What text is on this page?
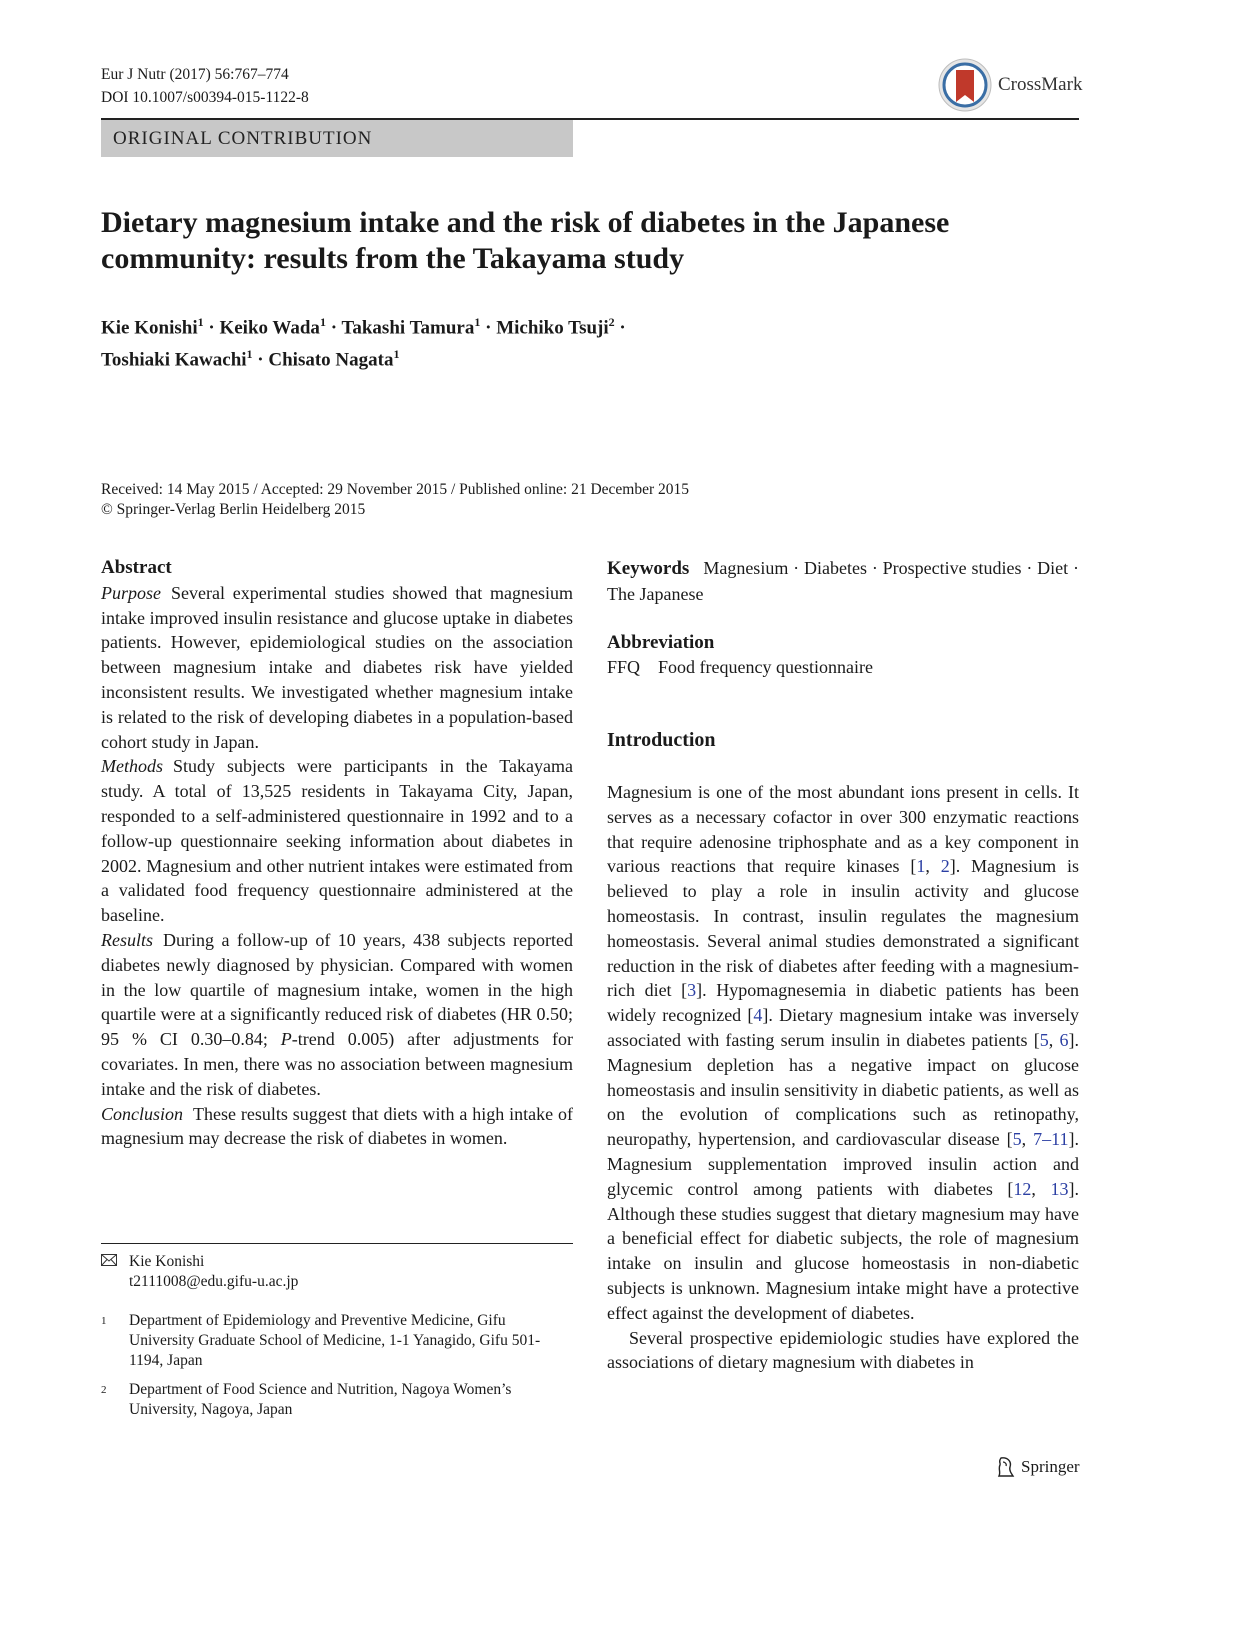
Eur J Nutr (2017) 56:767–774
DOI 10.1007/s00394-015-1122-8
CrossMark
ORIGINAL CONTRIBUTION
Dietary magnesium intake and the risk of diabetes in the Japanese
community: results from the Takayama study
Kie Konishi$^1$ · Keiko Wada$^1$ · Takashi Tamura$^1$ · Michiko Tsuji$^2$ ·
Toshiaki Kawachi$^1$ · Chisato Nagata$^1$
Received: 14 May 2015 / Accepted: 29 November 2015 / Published online: 21 December 2015
© Springer-Verlag Berlin Heidelberg 2015
Abstract

Purpose Several experimental studies showed that magnesium intake improved insulin resistance and glucose uptake in diabetes patients. However, epidemiological studies on the association between magnesium intake and diabetes risk have yielded inconsistent results. We investigated whether magnesium intake is related to the risk of developing diabetes in a population-based cohort study in Japan.

Methods Study subjects were participants in the Takayama study. A total of 13,525 residents in Takayama City, Japan, responded to a self-administered questionnaire in 1992 and to a follow-up questionnaire seeking information about diabetes in 2002. Magnesium and other nutrient intakes were estimated from a validated food frequency questionnaire administered at the baseline.

Results During a follow-up of 10 years, 438 subjects reported diabetes newly diagnosed by physician. Compared with women in the low quartile of magnesium intake, women in the high quartile were at a significantly reduced risk of diabetes (HR 0.50; 95 % CI 0.30–0.84; P-trend 0.005) after adjustments for covariates. In men, there was no association between magnesium intake and the risk of diabetes.

Conclusion These results suggest that diets with a high intake of magnesium may decrease the risk of diabetes in women.

Keywords Magnesium · Diabetes · Prospective studies · Diet · The Japanese

Abbreviation

FFQ Food frequency questionnaire

Introduction

Magnesium is one of the most abundant ions present in cells. It serves as a necessary cofactor in over 300 enzymatic reactions that require adenosine triphosphate and as a key component in various reactions that require kinases [1, 2]. Magnesium is believed to play a role in insulin activity and glucose homeostasis. In contrast, insulin regulates the magnesium homeostasis. Several animal studies demonstrated a significant reduction in the risk of diabetes after feeding with a magnesium-rich diet [3]. Hypomagnesemia in diabetic patients has been widely recognized [4]. Dietary magnesium intake was inversely associated with fasting serum insulin in diabetes patients [5, 6]. Magnesium depletion has a negative impact on glucose homeostasis and insulin sensitivity in diabetic patients, as well as on the evolution of complications such as retinopathy, neuropathy, hypertension, and cardiovascular disease [5, 7–11]. Magnesium supplementation improved insulin action and glycemic control among patients with diabetes [12, 13]. Although these studies suggest that dietary magnesium may have a beneficial effect for diabetic subjects, the role of magnesium intake on insulin and glucose homeostasis in non-diabetic subjects is unknown. Magnesium intake might have a protective effect against the development of diabetes.

Several prospective epidemiologic studies have explored the associations of dietary magnesium with diabetes in

Kie Konishi
t2111008@edu.gifu-u.ac.jp
$^1$	Department of Epidemiology and Preventive Medicine, Gifu University Graduate School of Medicine, 1-1 Yanagido, Gifu 501-1194, Japan
$^2$	Department of Food Science and Nutrition, Nagoya Women’s University, Nagoya, Japan
Springer
